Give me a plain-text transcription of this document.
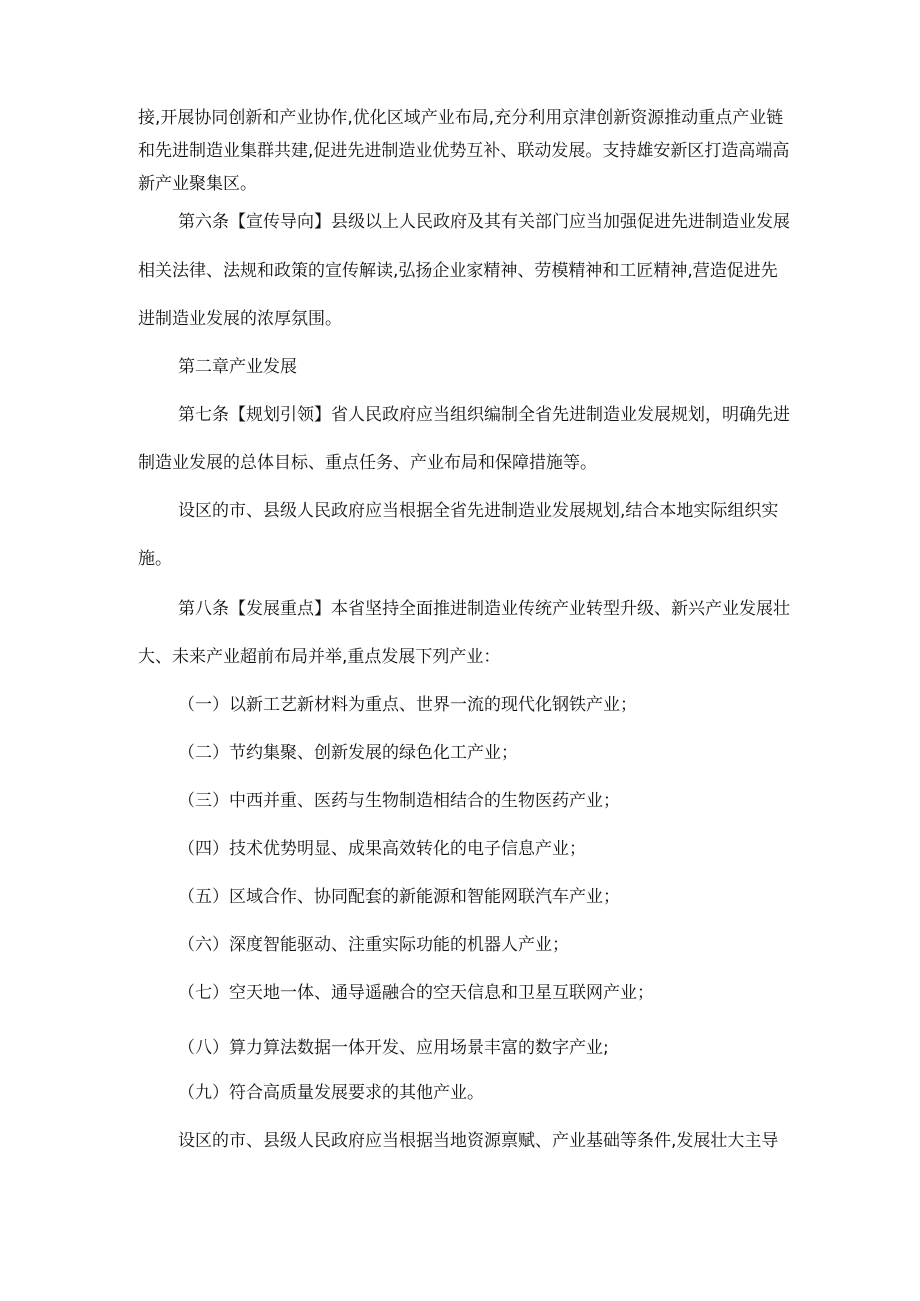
接,开展协同创新和产业协作,优化区域产业布局,充分利用京津创新资源推动重点产业链
和先进制造业集群共建,促进先进制造业优势互补、联动发展。支持雄安新区打造高端高
新产业聚集区。
第六条【宣传导向】县级以上人民政府及其有关部门应当加强促进先进制造业发展
相关法律、法规和政策的宣传解读,弘扬企业家精神、劳模精神和工匠精神,营造促进先
进制造业发展的浓厚氛围。
第二章产业发展
第七条【规划引领】省人民政府应当组织编制全省先进制造业发展规划，明确先进
制造业发展的总体目标、重点任务、产业布局和保障措施等。
设区的市、县级人民政府应当根据全省先进制造业发展规划,结合本地实际组织实
施。
第八条【发展重点】本省坚持全面推进制造业传统产业转型升级、新兴产业发展壮
大、未来产业超前布局并举,重点发展下列产业：
（一）以新工艺新材料为重点、世界一流的现代化钢铁产业；
（二）节约集聚、创新发展的绿色化工产业；
（三）中西并重、医药与生物制造相结合的生物医药产业；
（四）技术优势明显、成果高效转化的电子信息产业；
（五）区域合作、协同配套的新能源和智能网联汽车产业；
（六）深度智能驱动、注重实际功能的机器人产业；
（七）空天地一体、通导遥融合的空天信息和卫星互联网产业；
（八）算力算法数据一体开发、应用场景丰富的数字产业;
（九）符合高质量发展要求的其他产业。
设区的市、县级人民政府应当根据当地资源禀赋、产业基础等条件,发展壮大主导
